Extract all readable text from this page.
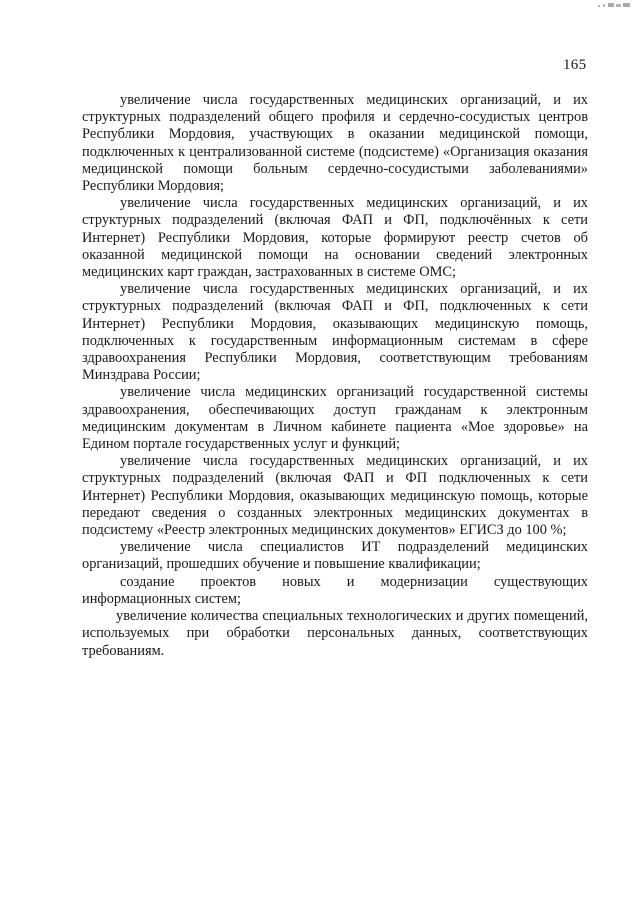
165

увеличение числа государственных медицинских организаций, и их структурных подразделений общего профиля и сердечно-сосудистых центров Республики Мордовия, участвующих в оказании медицинской помощи, подключенных к централизованной системе (подсистеме) «Организация оказания медицинской помощи больным сердечно-сосудистыми заболеваниями» Республики Мордовия;

увеличение числа государственных медицинских организаций, и их структурных подразделений (включая ФАП и ФП, подключённых к сети Интернет) Республики Мордовия, которые формируют реестр счетов об оказанной медицинской помощи на основании сведений электронных медицинских карт граждан, застрахованных в системе ОМС;

увеличение числа государственных медицинских организаций, и их структурных подразделений (включая ФАП и ФП, подключенных к сети Интернет) Республики Мордовия, оказывающих медицинскую помощь, подключенных к государственным информационным системам в сфере здравоохранения Республики Мордовия, соответствующим требованиям Минздрава России;

увеличение числа медицинских организаций государственной системы здравоохранения, обеспечивающих доступ гражданам к электронным медицинским документам в Личном кабинете пациента «Мое здоровье» на Едином портале государственных услуг и функций;

увеличение числа государственных медицинских организаций, и их структурных подразделений (включая ФАП и ФП подключенных к сети Интернет) Республики Мордовия, оказывающих медицинскую помощь, которые передают сведения о созданных электронных медицинских документах в подсистему «Реестр электронных медицинских документов» ЕГИСЗ до 100 %;

увеличение числа специалистов ИТ подразделений медицинских организаций, прошедших обучение и повышение квалификации;

создание проектов новых и модернизации существующих информационных систем;

увеличение количества специальных технологических и других помещений, используемых при обработки персональных данных, соответствующих требованиям.
